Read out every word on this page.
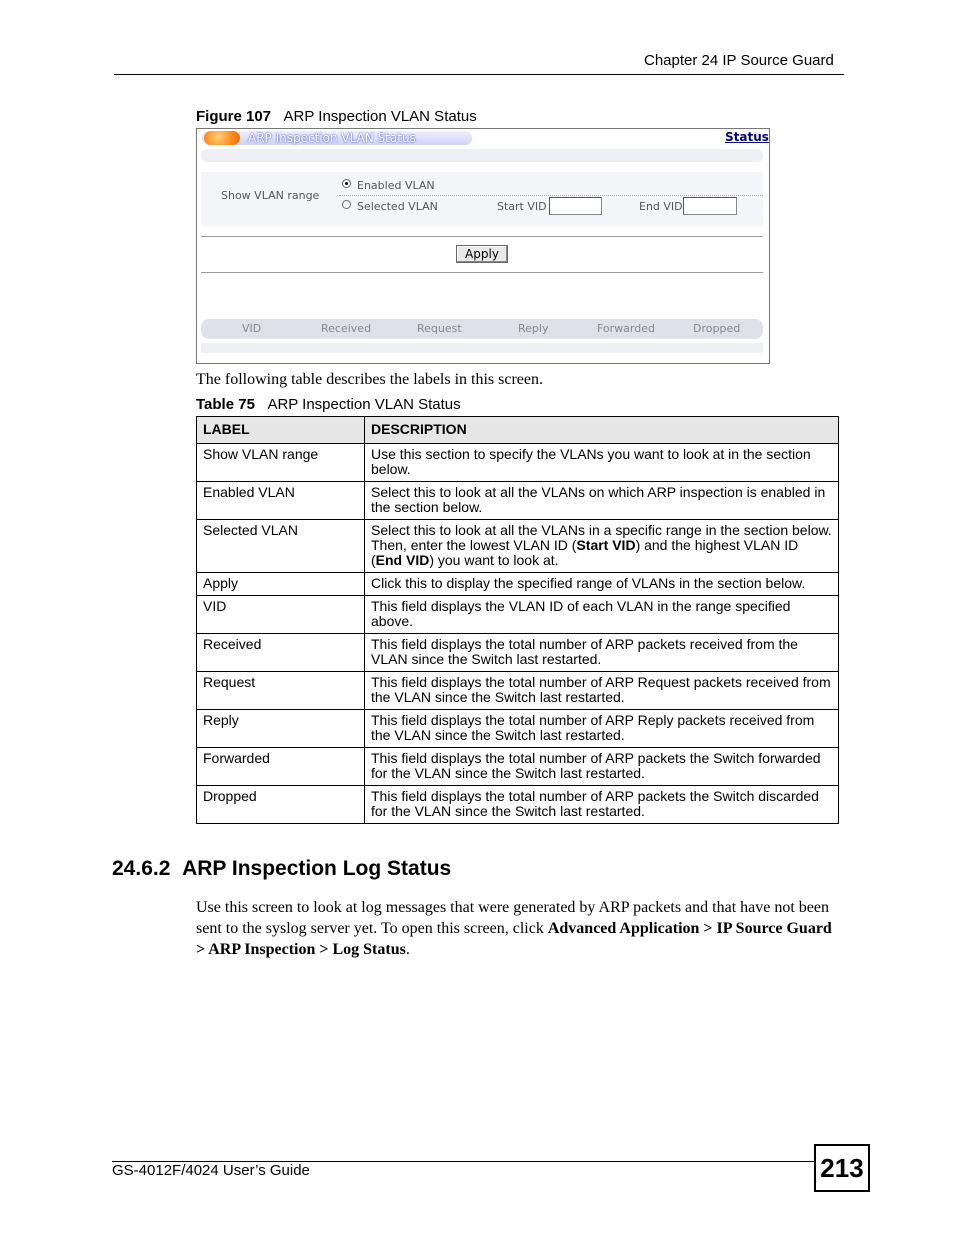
Chapter 24 IP Source Guard
Figure 107 ARP Inspection VLAN Status
ARP Inspection VLAN Status	Status
Show VLAN range
Enabled VLAN
Selected VLAN	Start VID	End VID
Apply
VID	Received	Request	Reply	Forwarded	Dropped
The following table describes the labels in this screen.
Table 75 ARP Inspection VLAN Status
LABEL	DESCRIPTION
Show VLAN range	Use this section to specify the VLANs you want to look at in the section below.
Enabled VLAN	Select this to look at all the VLANs on which ARP inspection is enabled in the section below.
Selected VLAN	Select this to look at all the VLANs in a specific range in the section below. Then, enter the lowest VLAN ID (Start VID) and the highest VLAN ID (End VID) you want to look at.
Apply	Click this to display the specified range of VLANs in the section below.
VID	This field displays the VLAN ID of each VLAN in the range specified above.
Received	This field displays the total number of ARP packets received from the VLAN since the Switch last restarted.
Request	This field displays the total number of ARP Request packets received from the VLAN since the Switch last restarted.
Reply	This field displays the total number of ARP Reply packets received from the VLAN since the Switch last restarted.
Forwarded	This field displays the total number of ARP packets the Switch forwarded for the VLAN since the Switch last restarted.
Dropped	This field displays the total number of ARP packets the Switch discarded for the VLAN since the Switch last restarted.
24.6.2 ARP Inspection Log Status
Use this screen to look at log messages that were generated by ARP packets and that have not been sent to the syslog server yet. To open this screen, click Advanced Application > IP Source Guard > ARP Inspection > Log Status.
GS-4012F/4024 User’s Guide	213
